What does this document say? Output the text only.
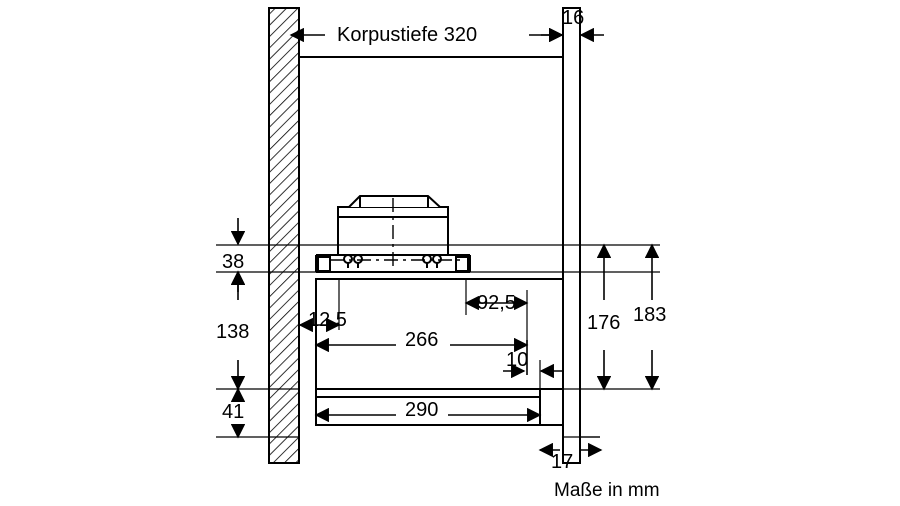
Korpustiefe 320
16
38
138
41
12,5
266
92,5
10
290
17
176 183
Maße in mm
